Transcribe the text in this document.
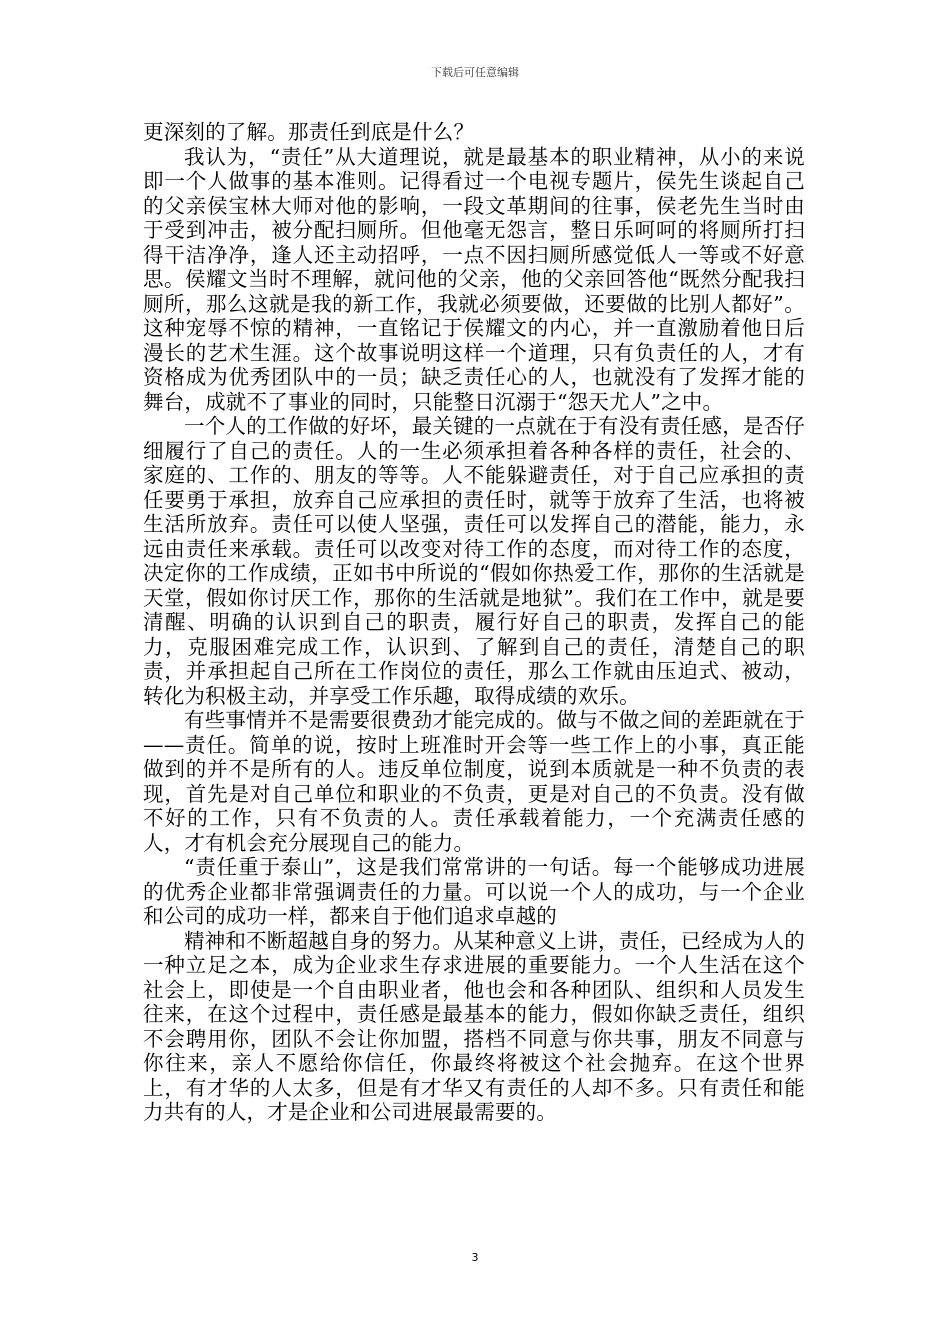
下载后可任意编辑

更深刻的了解。那责任到底是什么？

我认为，“责任”从大道理说，就是最基本的职业精神，从小的来说即一个人做事的基本准则。记得看过一个电视专题片，侯先生谈起自己的父亲侯宝林大师对他的影响，一段文革期间的往事，侯老先生当时由于受到冲击，被分配扫厕所。但他毫无怨言，整日乐呵呵的将厕所打扫得干洁净净，逢人还主动招呼，一点不因扫厕所感觉低人一等或不好意思。侯耀文当时不理解，就问他的父亲，他的父亲回答他“既然分配我扫厕所，那么这就是我的新工作，我就必须要做，还要做的比别人都好”。这种宠辱不惊的精神，一直铭记于侯耀文的内心，并一直激励着他日后漫长的艺术生涯。这个故事说明这样一个道理，只有负责任的人，才有资格成为优秀团队中的一员；缺乏责任心的人，也就没有了发挥才能的舞台，成就不了事业的同时，只能整日沉溺于“怨天尤人”之中。

一个人的工作做的好坏，最关键的一点就在于有没有责任感，是否仔细履行了自己的责任。人的一生必须承担着各种各样的责任，社会的、家庭的、工作的、朋友的等等。人不能躲避责任，对于自己应承担的责任要勇于承担，放弃自己应承担的责任时，就等于放弃了生活，也将被生活所放弃。责任可以使人坚强，责任可以发挥自己的潜能，能力，永远由责任来承载。责任可以改变对待工作的态度，而对待工作的态度，决定你的工作成绩，正如书中所说的“假如你热爱工作，那你的生活就是天堂，假如你讨厌工作，那你的生活就是地狱”。我们在工作中，就是要清醒、明确的认识到自己的职责，履行好自己的职责，发挥自己的能力，克服困难完成工作，认识到、了解到自己的责任，清楚自己的职责，并承担起自己所在工作岗位的责任，那么工作就由压迫式、被动，转化为积极主动，并享受工作乐趣，取得成绩的欢乐。

有些事情并不是需要很费劲才能完成的。做与不做之间的差距就在于——责任。简单的说，按时上班准时开会等一些工作上的小事，真正能做到的并不是所有的人。违反单位制度，说到本质就是一种不负责的表现，首先是对自己单位和职业的不负责，更是对自己的不负责。没有做不好的工作，只有不负责的人。责任承载着能力，一个充满责任感的人，才有机会充分展现自己的能力。

“责任重于泰山”，这是我们常常讲的一句话。每一个能够成功进展的优秀企业都非常强调责任的力量。可以说一个人的成功，与一个企业和公司的成功一样，都来自于他们追求卓越的

精神和不断超越自身的努力。从某种意义上讲，责任，已经成为人的一种立足之本，成为企业求生存求进展的重要能力。一个人生活在这个社会上，即使是一个自由职业者，他也会和各种团队、组织和人员发生往来，在这个过程中，责任感是最基本的能力，假如你缺乏责任，组织不会聘用你，团队不会让你加盟，搭档不同意与你共事，朋友不同意与你往来，亲人不愿给你信任，你最终将被这个社会抛弃。在这个世界上，有才华的人太多，但是有才华又有责任的人却不多。只有责任和能力共有的人，才是企业和公司进展最需要的。

3
